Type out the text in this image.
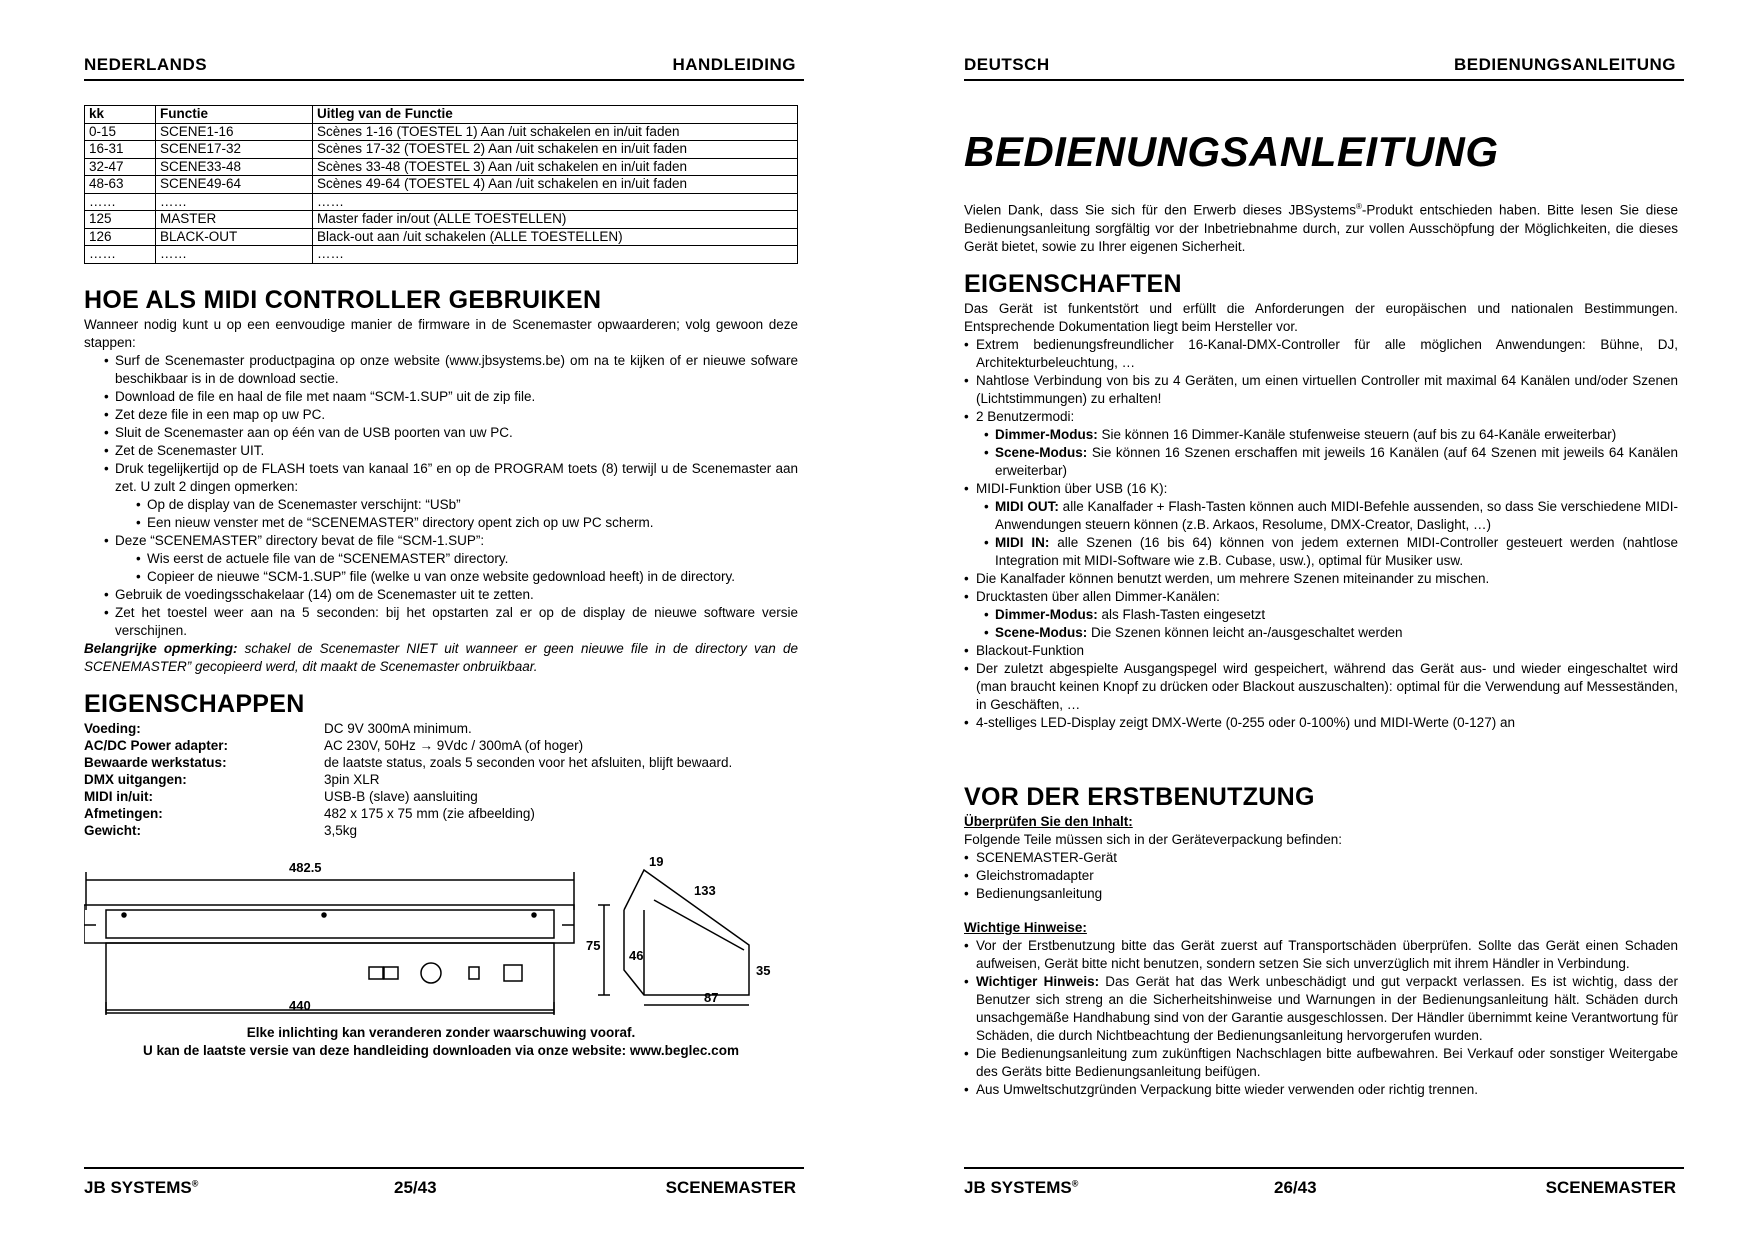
NEDERLANDS	HANDLEIDING
kk	Functie	Uitleg van de Functie
0-15	SCENE1-16	Scènes 1-16 (TOESTEL 1) Aan /uit schakelen en in/uit faden
16-31	SCENE17-32	Scènes 17-32 (TOESTEL 2) Aan /uit schakelen en in/uit faden
32-47	SCENE33-48	Scènes 33-48 (TOESTEL 3) Aan /uit schakelen en in/uit faden
48-63	SCENE49-64	Scènes 49-64 (TOESTEL 4) Aan /uit schakelen en in/uit faden
……	……	……
125	MASTER	Master fader in/out (ALLE TOESTELLEN)
126	BLACK-OUT	Black-out aan /uit schakelen (ALLE TOESTELLEN)
……	……	……
HOE ALS MIDI CONTROLLER GEBRUIKEN
Wanneer nodig kunt u op een eenvoudige manier de firmware in de Scenemaster opwaarderen; volg gewoon deze stappen:
• Surf de Scenemaster productpagina op onze website (www.jbsystems.be) om na te kijken of er nieuwe sofware beschikbaar is in de download sectie.
• Download de file en haal de file met naam “SCM-1.SUP” uit de zip file.
• Zet deze file in een map op uw PC.
• Sluit de Scenemaster aan op één van de USB poorten van uw PC.
• Zet de Scenemaster UIT.
• Druk tegelijkertijd op de FLASH toets van kanaal 16” en op de PROGRAM toets (8) terwijl u de Scenemaster aan zet. U zult 2 dingen opmerken:
• Op de display van de Scenemaster verschijnt: “USb”
• Een nieuw venster met de “SCENEMASTER” directory opent zich op uw PC scherm.
• Deze “SCENEMASTER” directory bevat de file “SCM-1.SUP”:
• Wis eerst de actuele file van de “SCENEMASTER” directory.
• Copieer de nieuwe “SCM-1.SUP” file (welke u van onze website gedownload heeft) in de directory.
• Gebruik de voedingsschakelaar (14) om de Scenemaster uit te zetten.
• Zet het toestel weer aan na 5 seconden: bij het opstarten zal er op de display de nieuwe software versie verschijnen.
Belangrijke opmerking: schakel de Scenemaster NIET uit wanneer er geen nieuwe file in de directory van de SCENEMASTER” gecopieerd werd, dit maakt de Scenemaster onbruikbaar.
EIGENSCHAPPEN
Voeding:	DC 9V 300mA minimum.
AC/DC Power adapter:	AC 230V, 50Hz → 9Vdc / 300mA (of hoger)
Bewaarde werkstatus:	de laatste status, zoals 5 seconden voor het afsluiten, blijft bewaard.
DMX uitgangen:	3pin XLR
MIDI in/uit:	USB-B (slave) aansluiting
Afmetingen:	482 x 175 x 75 mm (zie afbeelding)
Gewicht:	3,5kg
482.5
440
19
133
75
46
35
87
Elke inlichting kan veranderen zonder waarschuwing vooraf.
U kan de laatste versie van deze handleiding downloaden via onze website: www.beglec.com
JB SYSTEMS®	25/43	SCENEMASTER
DEUTSCH	BEDIENUNGSANLEITUNG
BEDIENUNGSANLEITUNG
Vielen Dank, dass Sie sich für den Erwerb dieses JBSystems®-Produkt entschieden haben. Bitte lesen Sie diese Bedienungsanleitung sorgfältig vor der Inbetriebnahme durch, zur vollen Ausschöpfung der Möglichkeiten, die dieses Gerät bietet, sowie zu Ihrer eigenen Sicherheit.
EIGENSCHAFTEN
Das Gerät ist funkentstört und erfüllt die Anforderungen der europäischen und nationalen Bestimmungen. Entsprechende Dokumentation liegt beim Hersteller vor.
• Extrem bedienungsfreundlicher 16-Kanal-DMX-Controller für alle möglichen Anwendungen: Bühne, DJ, Architekturbeleuchtung, …
• Nahtlose Verbindung von bis zu 4 Geräten, um einen virtuellen Controller mit maximal 64 Kanälen und/oder Szenen (Lichtstimmungen) zu erhalten!
• 2 Benutzermodi:
• Dimmer-Modus: Sie können 16 Dimmer-Kanäle stufenweise steuern (auf bis zu 64-Kanäle erweiterbar)
• Scene-Modus: Sie können 16 Szenen erschaffen mit jeweils 16 Kanälen (auf 64 Szenen mit jeweils 64 Kanälen erweiterbar)
• MIDI-Funktion über USB (16 K):
• MIDI OUT: alle Kanalfader + Flash-Tasten können auch MIDI-Befehle aussenden, so dass Sie verschiedene MIDI-Anwendungen steuern können (z.B. Arkaos, Resolume, DMX-Creator, Daslight, …)
• MIDI IN: alle Szenen (16 bis 64) können von jedem externen MIDI-Controller gesteuert werden (nahtlose Integration mit MIDI-Software wie z.B. Cubase, usw.), optimal für Musiker usw.
• Die Kanalfader können benutzt werden, um mehrere Szenen miteinander zu mischen.
• Drucktasten über allen Dimmer-Kanälen:
• Dimmer-Modus: als Flash-Tasten eingesetzt
• Scene-Modus: Die Szenen können leicht an-/ausgeschaltet werden
• Blackout-Funktion
• Der zuletzt abgespielte Ausgangspegel wird gespeichert, während das Gerät aus- und wieder eingeschaltet wird (man braucht keinen Knopf zu drücken oder Blackout auszuschalten): optimal für die Verwendung auf Messeständen, in Geschäften, …
• 4-stelliges LED-Display zeigt DMX-Werte (0-255 oder 0-100%) und MIDI-Werte (0-127) an
VOR DER ERSTBENUTZUNG
Überprüfen Sie den Inhalt:
Folgende Teile müssen sich in der Geräteverpackung befinden:
• SCENEMASTER-Gerät
• Gleichstromadapter
• Bedienungsanleitung
Wichtige Hinweise:
• Vor der Erstbenutzung bitte das Gerät zuerst auf Transportschäden überprüfen. Sollte das Gerät einen Schaden aufweisen, Gerät bitte nicht benutzen, sondern setzen Sie sich unverzüglich mit ihrem Händler in Verbindung.
• Wichtiger Hinweis: Das Gerät hat das Werk unbeschädigt und gut verpackt verlassen. Es ist wichtig, dass der Benutzer sich streng an die Sicherheitshinweise und Warnungen in der Bedienungsanleitung hält. Schäden durch unsachgemäße Handhabung sind von der Garantie ausgeschlossen. Der Händler übernimmt keine Verantwortung für Schäden, die durch Nichtbeachtung der Bedienungsanleitung hervorgerufen wurden.
• Die Bedienungsanleitung zum zukünftigen Nachschlagen bitte aufbewahren. Bei Verkauf oder sonstiger Weitergabe des Geräts bitte Bedienungsanleitung beifügen.
• Aus Umweltschutzgründen Verpackung bitte wieder verwenden oder richtig trennen.
JB SYSTEMS®	26/43	SCENEMASTER
